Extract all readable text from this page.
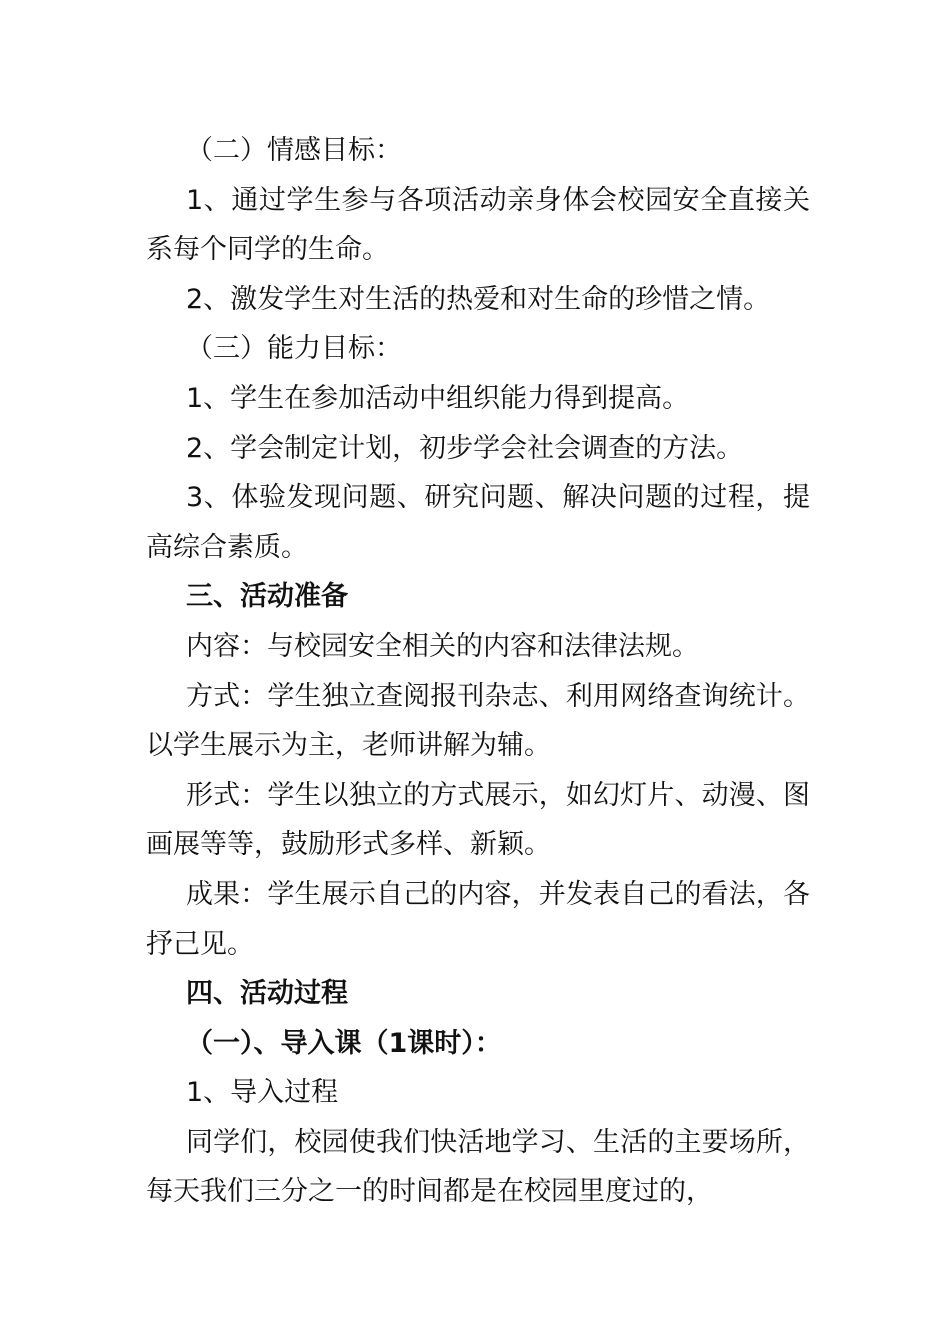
（二）情感目标：

1、通过学生参与各项活动亲身体会校园安全直接关系每个同学的生命。

2、激发学生对生活的热爱和对生命的珍惜之情。

（三）能力目标：

1、学生在参加活动中组织能力得到提高。

2、学会制定计划，初步学会社会调查的方法。

3、体验发现问题、研究问题、解决问题的过程，提高综合素质。

三、活动准备

内容：与校园安全相关的内容和法律法规。

方式：学生独立查阅报刊杂志、利用网络查询统计。以学生展示为主，老师讲解为辅。

形式：学生以独立的方式展示，如幻灯片、动漫、图画展等等，鼓励形式多样、新颖。

成果：学生展示自己的内容，并发表自己的看法，各抒己见。

四、活动过程

（一）、导入课（1课时）：

1、导入过程

同学们，校园使我们快活地学习、生活的主要场所，每天我们三分之一的时间都是在校园里度过的，
